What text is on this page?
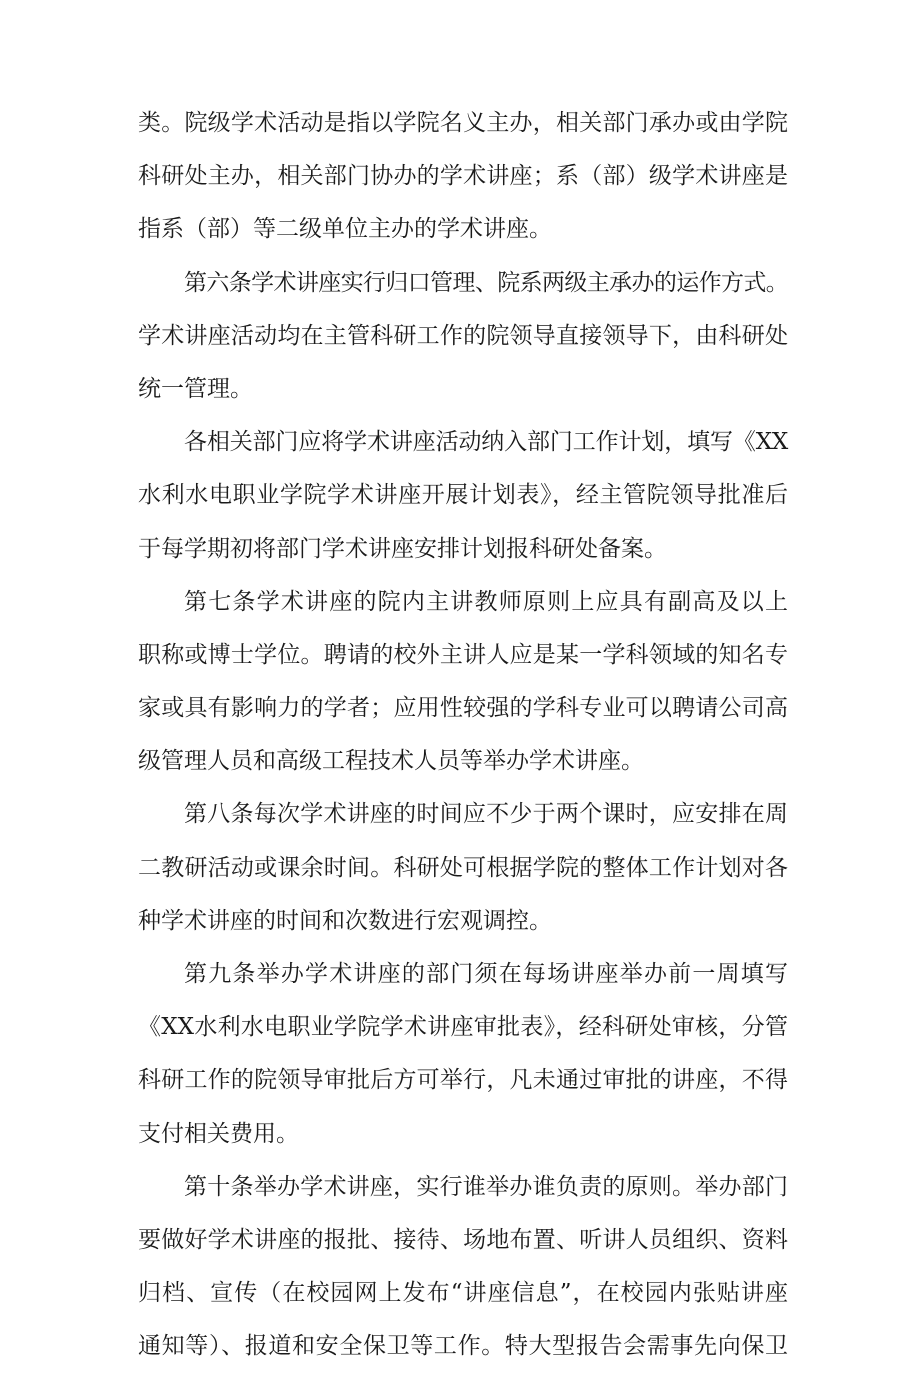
类。院级学术活动是指以学院名义主办，相关部门承办或由学院
科研处主办，相关部门协办的学术讲座；系（部）级学术讲座是
指系（部）等二级单位主办的学术讲座。
第六条学术讲座实行归口管理、院系两级主承办的运作方式。
学术讲座活动均在主管科研工作的院领导直接领导下，由科研处
统一管理。
各相关部门应将学术讲座活动纳入部门工作计划，填写《XX
水利水电职业学院学术讲座开展计划表》，经主管院领导批准后
于每学期初将部门学术讲座安排计划报科研处备案。
第七条学术讲座的院内主讲教师原则上应具有副高及以上
职称或博士学位。聘请的校外主讲人应是某一学科领域的知名专
家或具有影响力的学者；应用性较强的学科专业可以聘请公司高
级管理人员和高级工程技术人员等举办学术讲座。
第八条每次学术讲座的时间应不少于两个课时，应安排在周
二教研活动或课余时间。科研处可根据学院的整体工作计划对各
种学术讲座的时间和次数进行宏观调控。
第九条举办学术讲座的部门须在每场讲座举办前一周填写
《XX水利水电职业学院学术讲座审批表》，经科研处审核，分管
科研工作的院领导审批后方可举行，凡未通过审批的讲座，不得
支付相关费用。
第十条举办学术讲座，实行谁举办谁负责的原则。举办部门
要做好学术讲座的报批、接待、场地布置、听讲人员组织、资料
归档、宣传（在校园网上发布“讲座信息”，在校园内张贴讲座
通知等）、报道和安全保卫等工作。特大型报告会需事先向保卫
